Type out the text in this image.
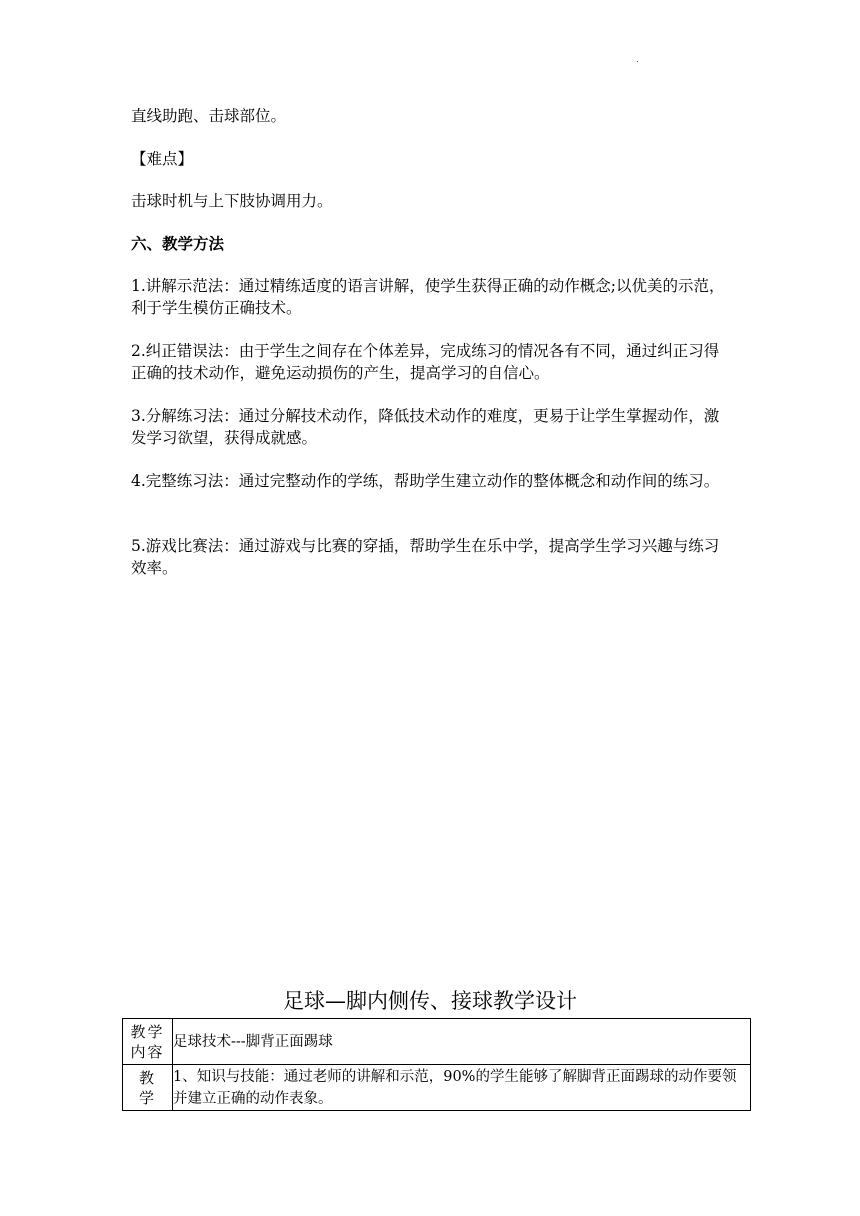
.

直线助跑、击球部位。

【难点】

击球时机与上下肢协调用力。

六、教学方法

1.讲解示范法：通过精练适度的语言讲解，使学生获得正确的动作概念;以优美的示范，利于学生模仿正确技术。

2.纠正错误法：由于学生之间存在个体差异，完成练习的情况各有不同，通过纠正习得正确的技术动作，避免运动损伤的产生，提高学习的自信心。

3.分解练习法：通过分解技术动作，降低技术动作的难度，更易于让学生掌握动作，激发学习欲望，获得成就感。

4.完整练习法：通过完整动作的学练，帮助学生建立动作的整体概念和动作间的练习。

5.游戏比赛法：通过游戏与比赛的穿插，帮助学生在乐中学，提高学生学习兴趣与练习效率。

足球—脚内侧传、接球教学设计

教学
内容	足球技术---脚背正面踢球

教
学	1、知识与技能：通过老师的讲解和示范，90%的学生能够了解脚背正面踢球的动作要领并建立正确的动作表象。
